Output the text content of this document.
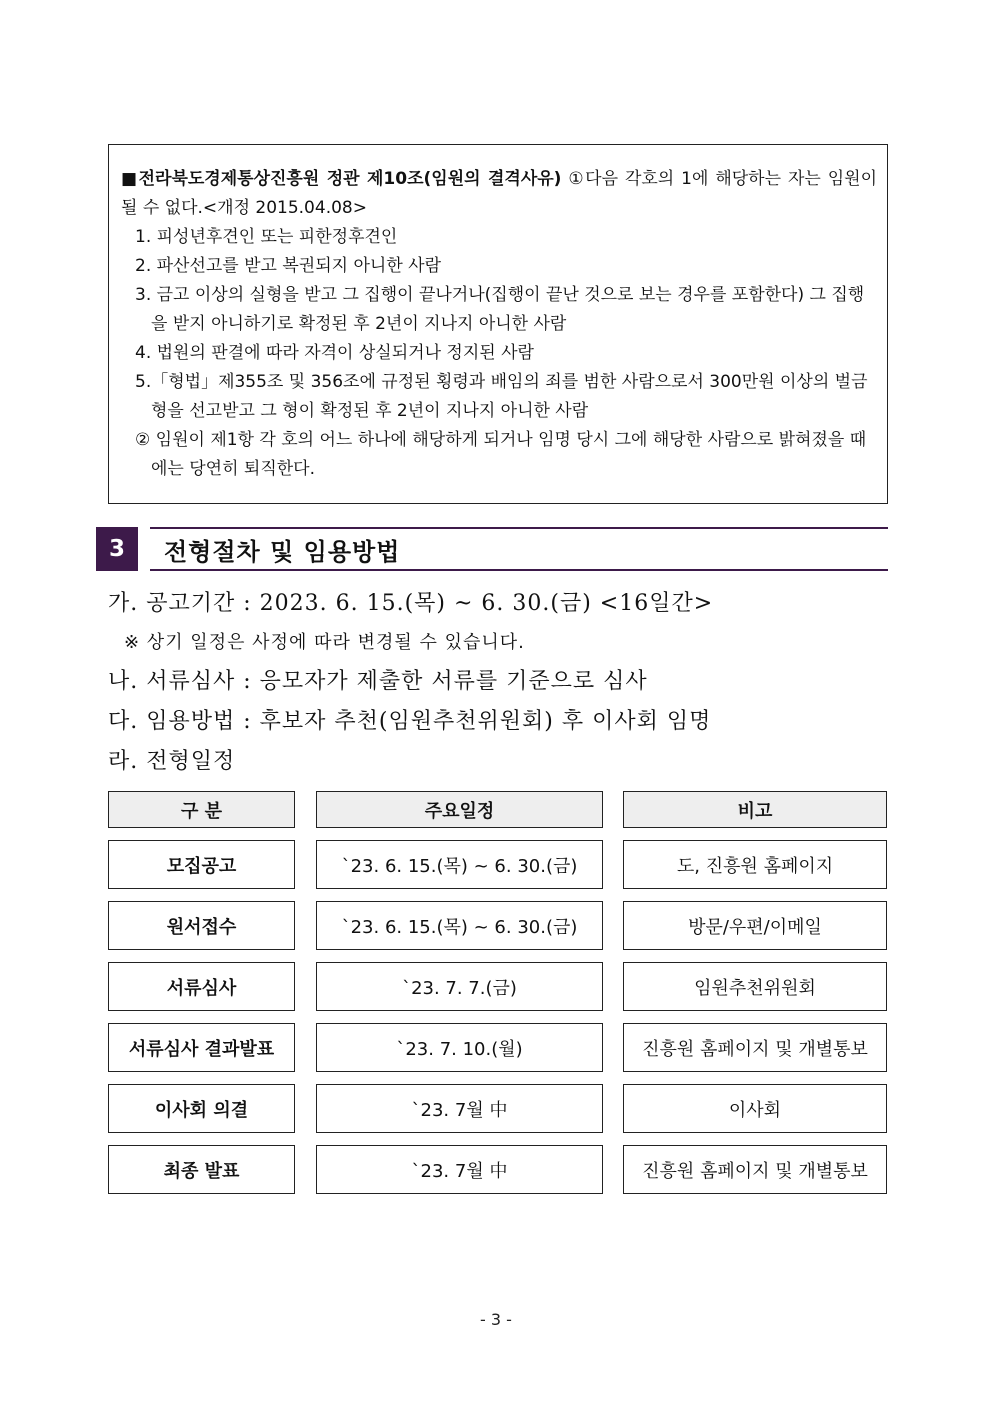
■전라북도경제통상진흥원 정관 제10조(임원의 결격사유) ①다음 각호의 1에 해당하는 자는 임원이 될 수 없다.<개정 2015.04.08>
1. 피성년후견인 또는 피한정후견인
2. 파산선고를 받고 복권되지 아니한 사람
3. 금고 이상의 실형을 받고 그 집행이 끝나거나(집행이 끝난 것으로 보는 경우를 포함한다) 그 집행을 받지 아니하기로 확정된 후 2년이 지나지 아니한 사람
4. 법원의 판결에 따라 자격이 상실되거나 정지된 사람
5.「형법」제355조 및 356조에 규정된 횡령과 배임의 죄를 범한 사람으로서 300만원 이상의 벌금형을 선고받고 그 형이 확정된 후 2년이 지나지 아니한 사람
② 임원이 제1항 각 호의 어느 하나에 해당하게 되거나 임명 당시 그에 해당한 사람으로 밝혀졌을 때에는 당연히 퇴직한다.
3	전형절차 및 임용방법
가. 공고기간 : 2023. 6. 15.(목) ~ 6. 30.(금) <16일간>
※ 상기 일정은 사정에 따라 변경될 수 있습니다.
나. 서류심사 : 응모자가 제출한 서류를 기준으로 심사
다. 임용방법 : 후보자 추천(임원추천위원회) 후 이사회 임명
라. 전형일정
구 분	주요일정	비고
모집공고	`23. 6. 15.(목) ~ 6. 30.(금)	도, 진흥원 홈페이지
원서접수	`23. 6. 15.(목) ~ 6. 30.(금)	방문/우편/이메일
서류심사	`23. 7. 7.(금)	임원추천위원회
서류심사 결과발표	`23. 7. 10.(월)	진흥원 홈페이지 및 개별통보
이사회 의결	`23. 7월 中	이사회
최종 발표	`23. 7월 中	진흥원 홈페이지 및 개별통보
- 3 -
